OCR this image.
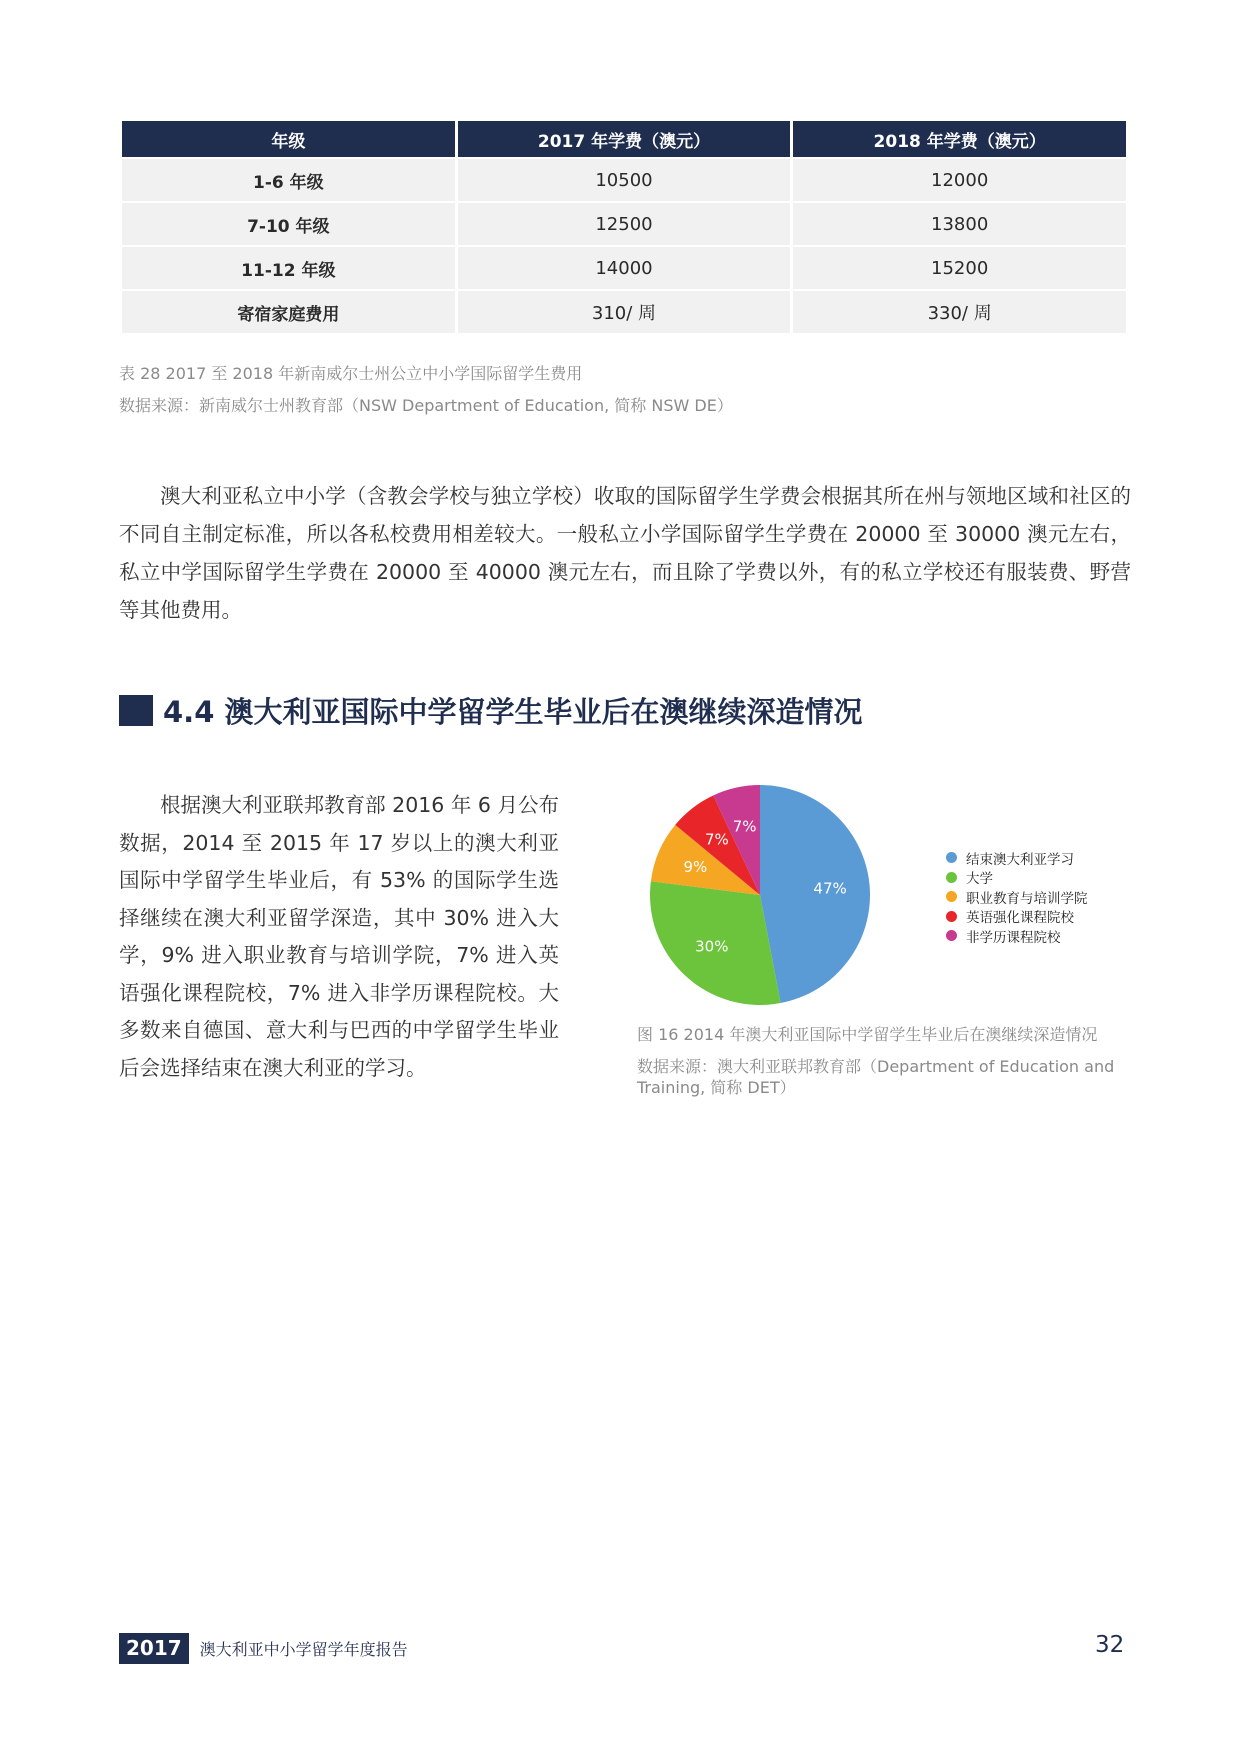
年级	2017 年学费（澳元）	2018 年学费（澳元）
1-6 年级	10500	12000
7-10 年级	12500	13800
11-12 年级	14000	15200
寄宿家庭费用	310/ 周	330/ 周
表 28 2017 至 2018 年新南威尔士州公立中小学国际留学生费用
数据来源：新南威尔士州教育部（NSW Department of Education, 简称 NSW DE）

澳大利亚私立中小学（含教会学校与独立学校）收取的国际留学生学费会根据其所在州与领地区域和社区的不同自主制定标准，所以各私校费用相差较大。一般私立小学国际留学生学费在 20000 至 30000 澳元左右，私立中学国际留学生学费在 20000 至 40000 澳元左右，而且除了学费以外，有的私立学校还有服装费、野营等其他费用。

4.4 澳大利亚国际中学留学生毕业后在澳继续深造情况

根据澳大利亚联邦教育部 2016 年 6 月公布数据，2014 至 2015 年 17 岁以上的澳大利亚国际中学留学生毕业后，有 53% 的国际学生选择继续在澳大利亚留学深造，其中 30% 进入大学，9% 进入职业教育与培训学院，7% 进入英语强化课程院校，7% 进入非学历课程院校。大多数来自德国、意大利与巴西的中学留学生毕业后会选择结束在澳大利亚的学习。

47%
30%
9%
7%
7%
结束澳大利亚学习
大学
职业教育与培训学院
英语强化课程院校
非学历课程院校
图 16 2014 年澳大利亚国际中学留学生毕业后在澳继续深造情况
数据来源：澳大利亚联邦教育部（Department of Education and Training, 简称 DET）
2017	澳大利亚中小学留学年度报告	32
